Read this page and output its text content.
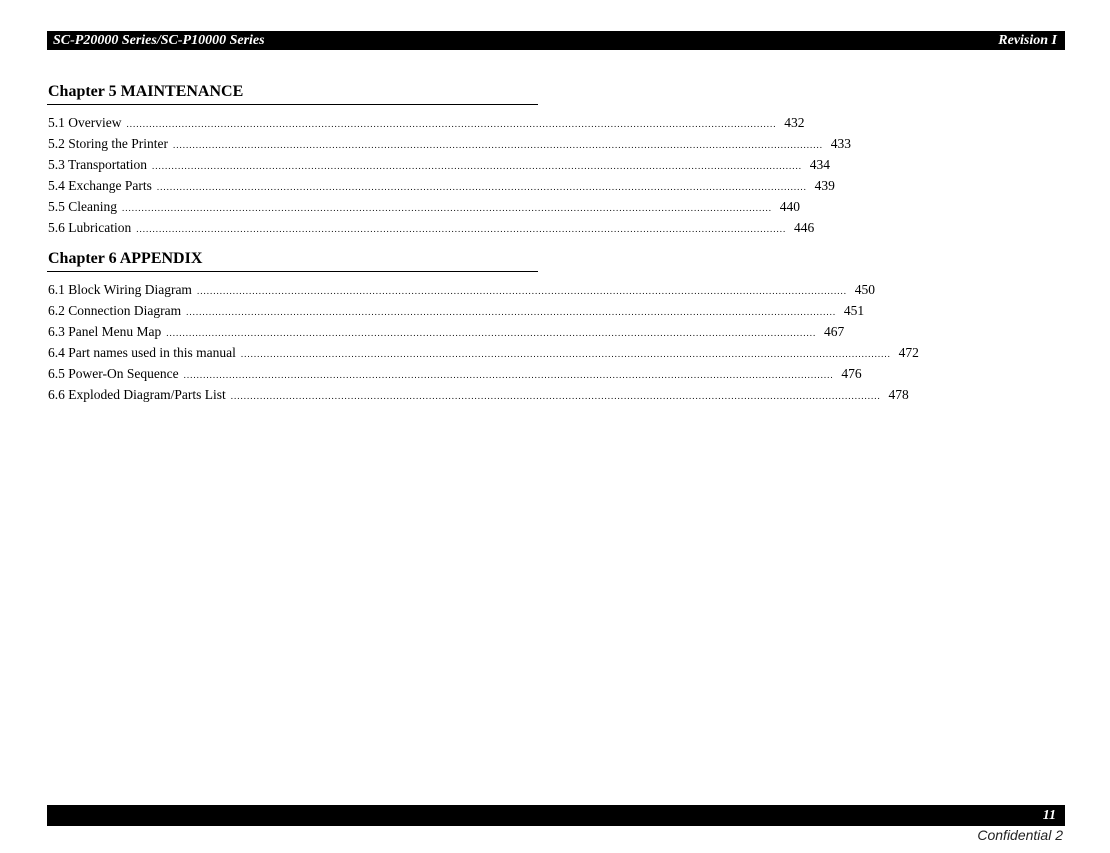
SC-P20000 Series/SC-P10000 Series	Revision I
Chapter 5 MAINTENANCE
5.1 Overview ........................................................................................................................................................................................................ 432
5.2 Storing the Printer ........................................................................................................................................................................................................ 433
5.3 Transportation ........................................................................................................................................................................................................ 434
5.4 Exchange Parts ........................................................................................................................................................................................................ 439
5.5 Cleaning ........................................................................................................................................................................................................ 440
5.6 Lubrication ........................................................................................................................................................................................................ 446
Chapter 6 APPENDIX
6.1 Block Wiring Diagram ........................................................................................................................................................................................................ 450
6.2 Connection Diagram ........................................................................................................................................................................................................ 451
6.3 Panel Menu Map ........................................................................................................................................................................................................ 467
6.4 Part names used in this manual ........................................................................................................................................................................................................ 472
6.5 Power-On Sequence ........................................................................................................................................................................................................ 476
6.6 Exploded Diagram/Parts List ........................................................................................................................................................................................................ 478
11
Confidential 2
